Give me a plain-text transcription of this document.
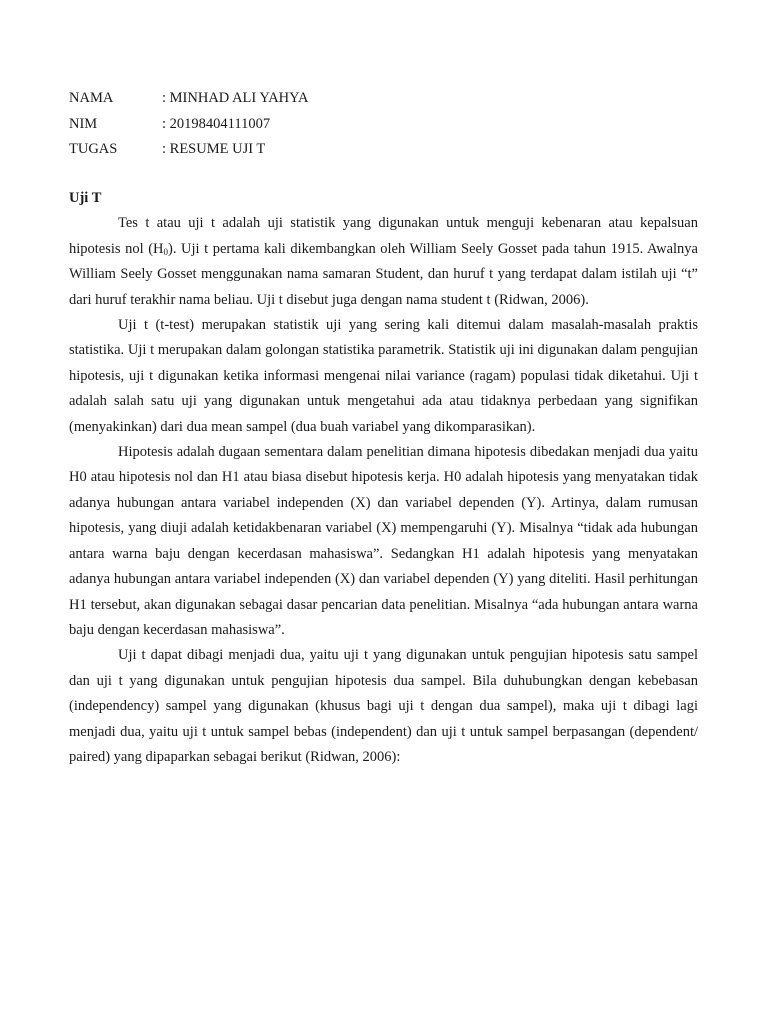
NAMA	: MINHAD ALI YAHYA
NIM	: 20198404111007
TUGAS	: RESUME UJI T

Uji T

Tes t atau uji t adalah uji statistik yang digunakan untuk menguji kebenaran atau kepalsuan hipotesis nol $(H_0)$. Uji t pertama kali dikembangkan oleh William Seely Gosset pada tahun 1915. Awalnya William Seely Gosset menggunakan nama samaran Student, dan huruf t yang terdapat dalam istilah uji “t” dari huruf terakhir nama beliau. Uji t disebut juga dengan nama student t (Ridwan, 2006).

Uji t (t-test) merupakan statistik uji yang sering kali ditemui dalam masalah-masalah praktis statistika. Uji t merupakan dalam golongan statistika parametrik. Statistik uji ini digunakan dalam pengujian hipotesis, uji t digunakan ketika informasi mengenai nilai variance (ragam) populasi tidak diketahui. Uji t adalah salah satu uji yang digunakan untuk mengetahui ada atau tidaknya perbedaan yang signifikan (menyakinkan) dari dua mean sampel (dua buah variabel yang dikomparasikan).

Hipotesis adalah dugaan sementara dalam penelitian dimana hipotesis dibedakan menjadi dua yaitu H0 atau hipotesis nol dan H1 atau biasa disebut hipotesis kerja. H0 adalah hipotesis yang menyatakan tidak adanya hubungan antara variabel independen (X) dan variabel dependen (Y). Artinya, dalam rumusan hipotesis, yang diuji adalah ketidakbenaran variabel (X) mempengaruhi (Y). Misalnya “tidak ada hubungan antara warna baju dengan kecerdasan mahasiswa”. Sedangkan H1 adalah hipotesis yang menyatakan adanya hubungan antara variabel independen (X) dan variabel dependen (Y) yang diteliti. Hasil perhitungan H1 tersebut, akan digunakan sebagai dasar pencarian data penelitian. Misalnya “ada hubungan antara warna baju dengan kecerdasan mahasiswa”.

Uji t dapat dibagi menjadi dua, yaitu uji t yang digunakan untuk pengujian hipotesis satu sampel dan uji t yang digunakan untuk pengujian hipotesis dua sampel. Bila duhubungkan dengan kebebasan (independency) sampel yang digunakan (khusus bagi uji t dengan dua sampel), maka uji t dibagi lagi menjadi dua, yaitu uji t untuk sampel bebas (independent) dan uji t untuk sampel berpasangan (dependent/ paired) yang dipaparkan sebagai berikut (Ridwan, 2006):
